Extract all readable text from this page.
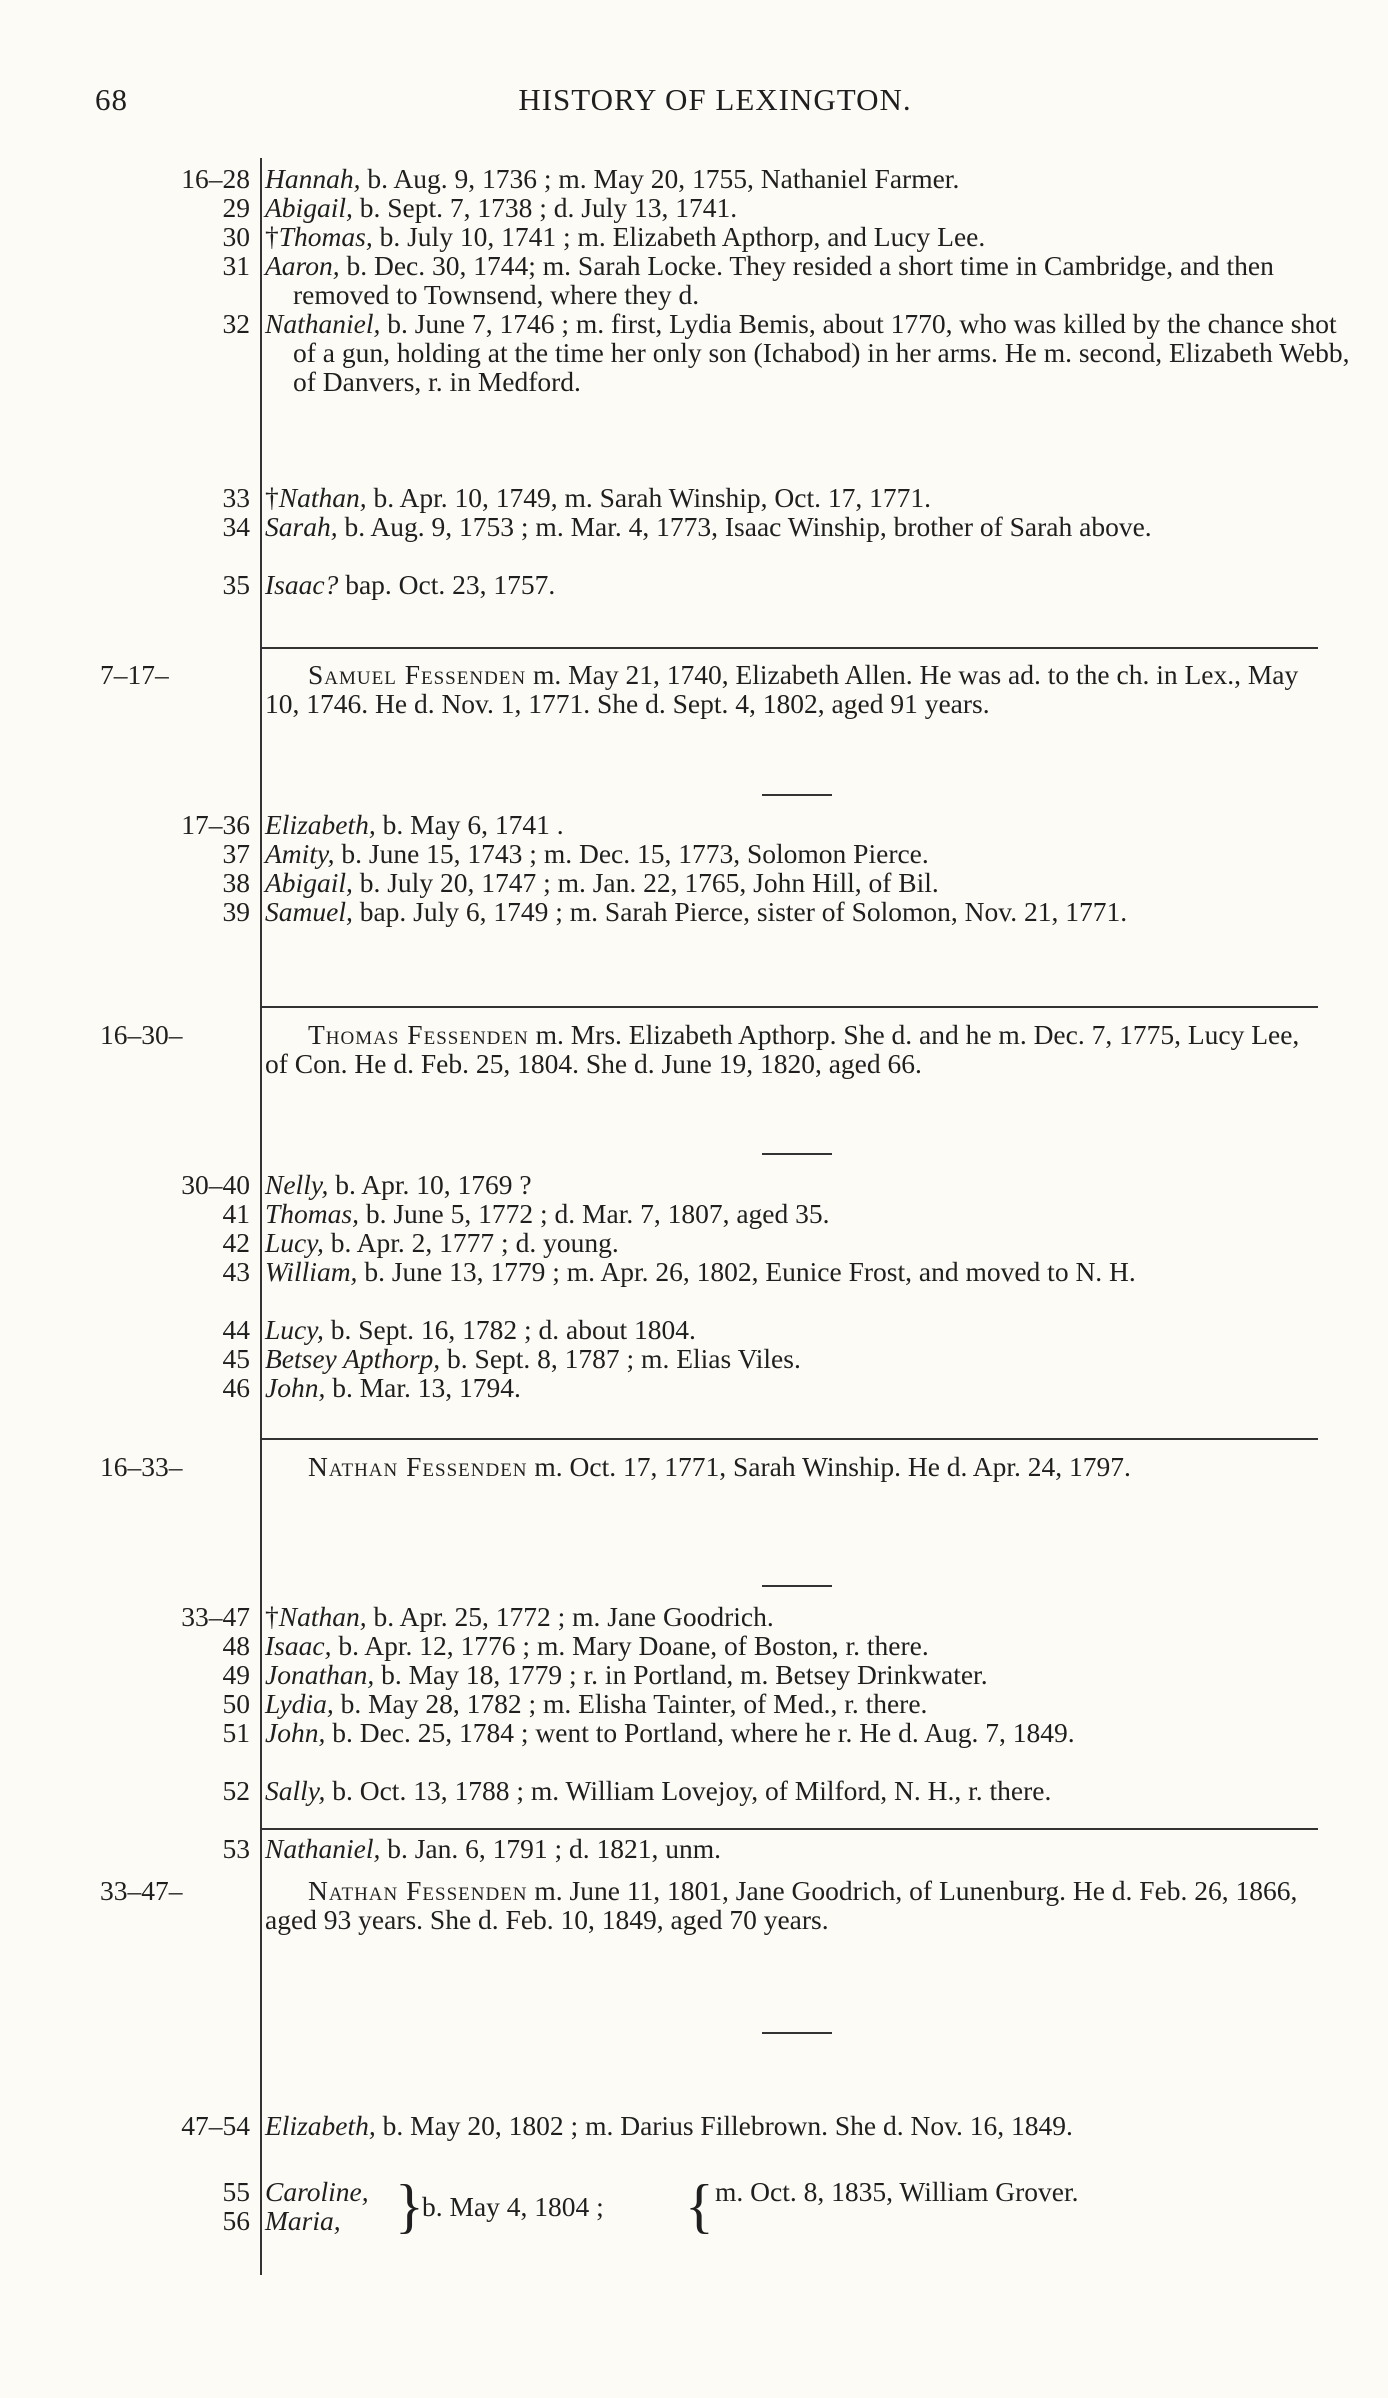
68	HISTORY OF LEXINGTON.
16–28
29
30
31
32
33
34
35
7–17–
17–36
37
38
39
16–30–
30–40
41
42
43
44
45
46
16–33–
33–47
48
49
50
51
52
53
33–47–
47–54
55
56
Hannah, b. Aug. 9, 1736 ; m. May 20, 1755, Nathaniel Farmer.
Abigail, b. Sept. 7, 1738 ; d. July 13, 1741.
†Thomas, b. July 10, 1741 ; m. Elizabeth Apthorp, and Lucy Lee.
Aaron, b. Dec. 30, 1744; m. Sarah Locke. They resided a short time in Cambridge, and then removed to Townsend, where they d.
Nathaniel, b. June 7, 1746 ; m. first, Lydia Bemis, about 1770, who was killed by the chance shot of a gun, holding at the time her only son (Ichabod) in her arms. He m. second, Elizabeth Webb, of Danvers, r. in Medford.
†Nathan, b. Apr. 10, 1749, m. Sarah Winship, Oct. 17, 1771.
Sarah, b. Aug. 9, 1753 ; m. Mar. 4, 1773, Isaac Winship, brother of Sarah above.
Isaac? bap. Oct. 23, 1757.
Samuel Fessenden m. May 21, 1740, Elizabeth Allen. He was ad. to the ch. in Lex., May 10, 1746. He d. Nov. 1, 1771. She d. Sept. 4, 1802, aged 91 years.
Elizabeth, b. May 6, 1741 .
Amity, b. June 15, 1743 ; m. Dec. 15, 1773, Solomon Pierce.
Abigail, b. July 20, 1747 ; m. Jan. 22, 1765, John Hill, of Bil.
Samuel, bap. July 6, 1749 ; m. Sarah Pierce, sister of Solomon, Nov. 21, 1771.
Thomas Fessenden m. Mrs. Elizabeth Apthorp. She d. and he m. Dec. 7, 1775, Lucy Lee, of Con. He d. Feb. 25, 1804. She d. June 19, 1820, aged 66.
Nelly, b. Apr. 10, 1769 ?
Thomas, b. June 5, 1772 ; d. Mar. 7, 1807, aged 35.
Lucy, b. Apr. 2, 1777 ; d. young.
William, b. June 13, 1779 ; m. Apr. 26, 1802, Eunice Frost, and moved to N. H.
Lucy, b. Sept. 16, 1782 ; d. about 1804.
Betsey Apthorp, b. Sept. 8, 1787 ; m. Elias Viles.
John, b. Mar. 13, 1794.
Nathan Fessenden m. Oct. 17, 1771, Sarah Winship. He d. Apr. 24, 1797.
†Nathan, b. Apr. 25, 1772 ; m. Jane Goodrich.
Isaac, b. Apr. 12, 1776 ; m. Mary Doane, of Boston, r. there.
Jonathan, b. May 18, 1779 ; r. in Portland, m. Betsey Drinkwater.
Lydia, b. May 28, 1782 ; m. Elisha Tainter, of Med., r. there.
John, b. Dec. 25, 1784 ; went to Portland, where he r. He d. Aug. 7, 1849.
Sally, b. Oct. 13, 1788 ; m. William Lovejoy, of Milford, N. H., r. there.
Nathaniel, b. Jan. 6, 1791 ; d. 1821, unm.
Nathan Fessenden m. June 11, 1801, Jane Goodrich, of Lunenburg. He d. Feb. 26, 1866, aged 93 years. She d. Feb. 10, 1849, aged 70 years.
Elizabeth, b. May 20, 1802 ; m. Darius Fillebrown. She d. Nov. 16, 1849.
Caroline,
Maria, }
b. May 4, 1804 ;	{ m. Oct. 8, 1835, William Grover.
